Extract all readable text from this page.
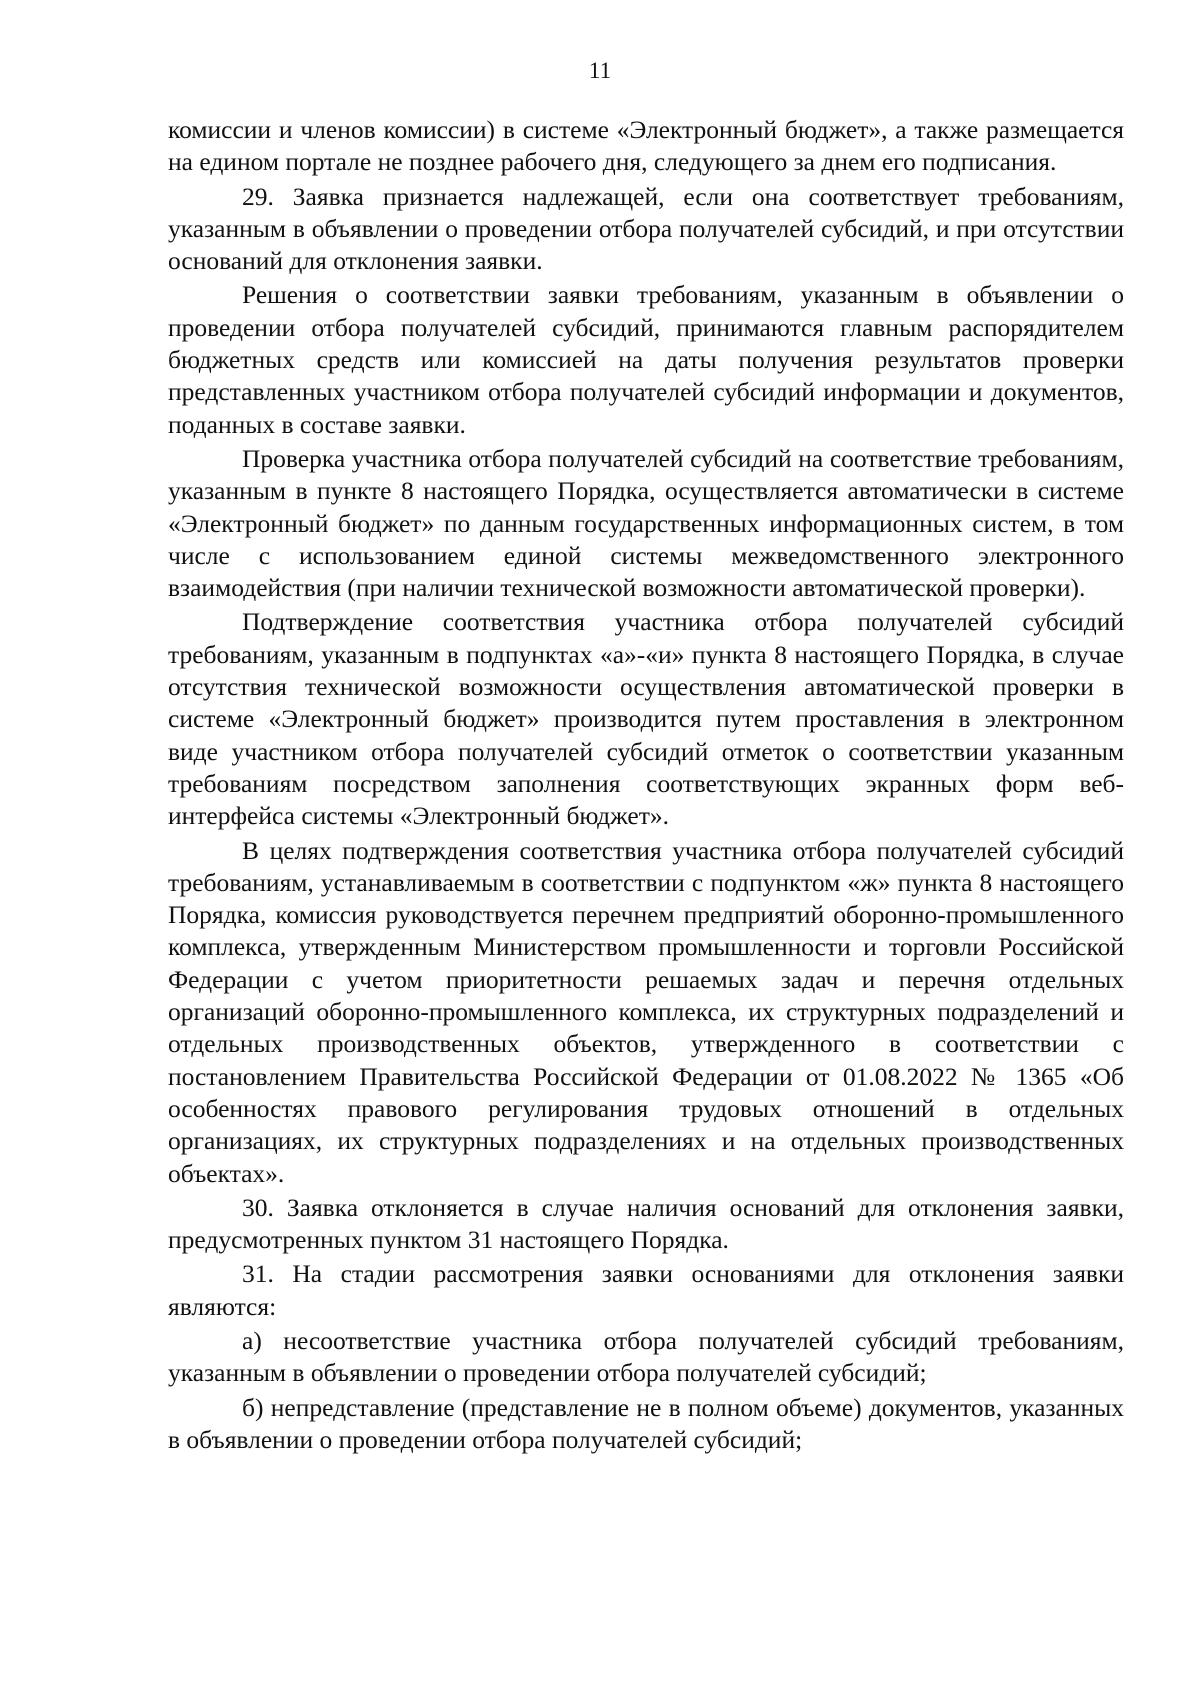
11

комиссии и членов комиссии) в системе «Электронный бюджет», а также размещается на едином портале не позднее рабочего дня, следующего за днем его подписания.

29. Заявка признается надлежащей, если она соответствует требованиям, указанным в объявлении о проведении отбора получателей субсидий, и при отсутствии оснований для отклонения заявки.

Решения о соответствии заявки требованиям, указанным в объявлении о проведении отбора получателей субсидий, принимаются главным распорядителем бюджетных средств или комиссией на даты получения результатов проверки представленных участником отбора получателей субсидий информации и документов, поданных в составе заявки.

Проверка участника отбора получателей субсидий на соответствие требованиям, указанным в пункте 8 настоящего Порядка, осуществляется автоматически в системе «Электронный бюджет» по данным государственных информационных систем, в том числе с использованием единой системы межведомственного электронного взаимодействия (при наличии технической возможности автоматической проверки).

Подтверждение соответствия участника отбора получателей субсидий требованиям, указанным в подпунктах «а»-«и» пункта 8 настоящего Порядка, в случае отсутствия технической возможности осуществления автоматической проверки в системе «Электронный бюджет» производится путем проставления в электронном виде участником отбора получателей субсидий отметок о соответствии указанным требованиям посредством заполнения соответствующих экранных форм веб-интерфейса системы «Электронный бюджет».

В целях подтверждения соответствия участника отбора получателей субсидий требованиям, устанавливаемым в соответствии с подпунктом «ж» пункта 8 настоящего Порядка, комиссия руководствуется перечнем предприятий оборонно-промышленного комплекса, утвержденным Министерством промышленности и торговли Российской Федерации с учетом приоритетности решаемых задач и перечня отдельных организаций оборонно-промышленного комплекса, их структурных подразделений и отдельных производственных объектов, утвержденного в соответствии с постановлением Правительства Российской Федерации от 01.08.2022 № 1365 «Об особенностях правового регулирования трудовых отношений в отдельных организациях, их структурных подразделениях и на отдельных производственных объектах».

30. Заявка отклоняется в случае наличия оснований для отклонения заявки, предусмотренных пунктом 31 настоящего Порядка.

31. На стадии рассмотрения заявки основаниями для отклонения заявки являются:

а) несоответствие участника отбора получателей субсидий требованиям, указанным в объявлении о проведении отбора получателей субсидий;

б) непредставление (представление не в полном объеме) документов, указанных в объявлении о проведении отбора получателей субсидий;
